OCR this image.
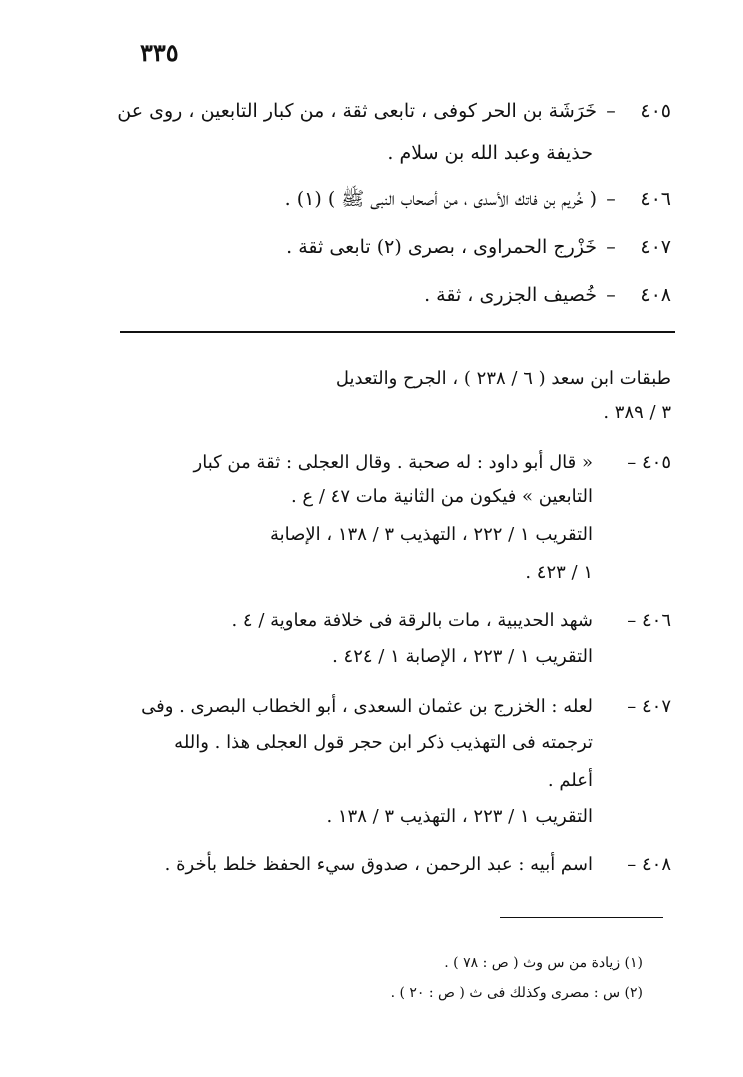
٣٣٥
٤٠٥–خَرَشَة بن الحر كوفى ، تابعى ثقة ، من كبار التابعين ، روى عن
حذيفة وعبد الله بن سلام .
٤٠٦–( خُريم بن فاتك الأسدى ، من أصحاب النبى ﷺ ) (١) .
٤٠٧–خَزْرج الحمراوى ، بصرى (٢) تابعى ثقة .
٤٠٨–خُصيف الجزرى ، ثقة .
طبقات ابن سعد ( ٦ / ٢٣٨ ) ، الجرح والتعديل
٣ / ٣٨٩ .
٤٠٥ –
« قال أبو داود : له صحبة . وقال العجلى : ثقة من كبار
التابعين » فيكون من الثانية مات ٤٧ / ع .
التقريب ١ / ٢٢٢ ، التهذيب ٣ / ١٣٨ ، الإصابة
١ / ٤٢٣ .
٤٠٦ –
شهد الحديبية ، مات بالرقة فى خلافة معاوية / ٤ .
التقريب ١ / ٢٢٣ ، الإصابة ١ / ٤٢٤ .
٤٠٧ –
لعله : الخزرج بن عثمان السعدى ، أبو الخطاب البصرى . وفى
ترجمته فى التهذيب ذكر ابن حجر قول العجلى هذا . والله
أعلم .
التقريب ١ / ٢٢٣ ، التهذيب ٣ / ١٣٨ .
٤٠٨ –
اسم أبيه : عبد الرحمن ، صدوق سيء الحفظ خلط بأخرة .
(١) زيادة من س وث ( ص : ٧٨ ) .
(٢) س : مصرى وكذلك فى ث ( ص : ٢٠ ) .
